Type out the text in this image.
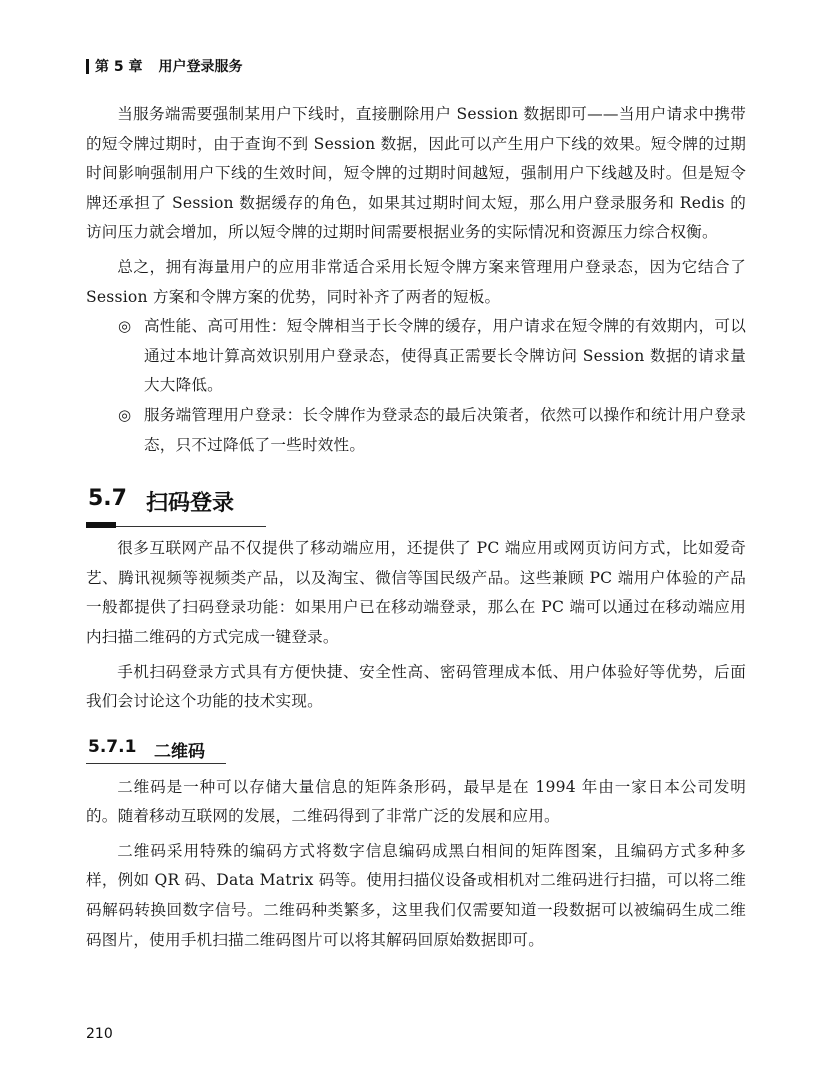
第 5 章 用户登录服务

当服务端需要强制某用户下线时，直接删除用户 Session 数据即可——当用户请求中携带的短令牌过期时，由于查询不到 Session 数据，因此可以产生用户下线的效果。短令牌的过期时间影响强制用户下线的生效时间，短令牌的过期时间越短，强制用户下线越及时。但是短令牌还承担了 Session 数据缓存的角色，如果其过期时间太短，那么用户登录服务和 Redis 的访问压力就会增加，所以短令牌的过期时间需要根据业务的实际情况和资源压力综合权衡。

总之，拥有海量用户的应用非常适合采用长短令牌方案来管理用户登录态，因为它结合了 Session 方案和令牌方案的优势，同时补齐了两者的短板。

◎ 高性能、高可用性：短令牌相当于长令牌的缓存，用户请求在短令牌的有效期内，可以通过本地计算高效识别用户登录态，使得真正需要长令牌访问 Session 数据的请求量大大降低。
◎ 服务端管理用户登录：长令牌作为登录态的最后决策者，依然可以操作和统计用户登录态，只不过降低了一些时效性。
5.7 扫码登录

很多互联网产品不仅提供了移动端应用，还提供了 PC 端应用或网页访问方式，比如爱奇艺、腾讯视频等视频类产品，以及淘宝、微信等国民级产品。这些兼顾 PC 端用户体验的产品一般都提供了扫码登录功能：如果用户已在移动端登录，那么在 PC 端可以通过在移动端应用内扫描二维码的方式完成一键登录。

手机扫码登录方式具有方便快捷、安全性高、密码管理成本低、用户体验好等优势，后面我们会讨论这个功能的技术实现。

5.7.1 二维码

二维码是一种可以存储大量信息的矩阵条形码，最早是在 1994 年由一家日本公司发明的。随着移动互联网的发展，二维码得到了非常广泛的发展和应用。

二维码采用特殊的编码方式将数字信息编码成黑白相间的矩阵图案，且编码方式多种多样，例如 QR 码、Data Matrix 码等。使用扫描仪设备或相机对二维码进行扫描，可以将二维码解码转换回数字信号。二维码种类繁多，这里我们仅需要知道一段数据可以被编码生成二维码图片，使用手机扫描二维码图片可以将其解码回原始数据即可。

210
